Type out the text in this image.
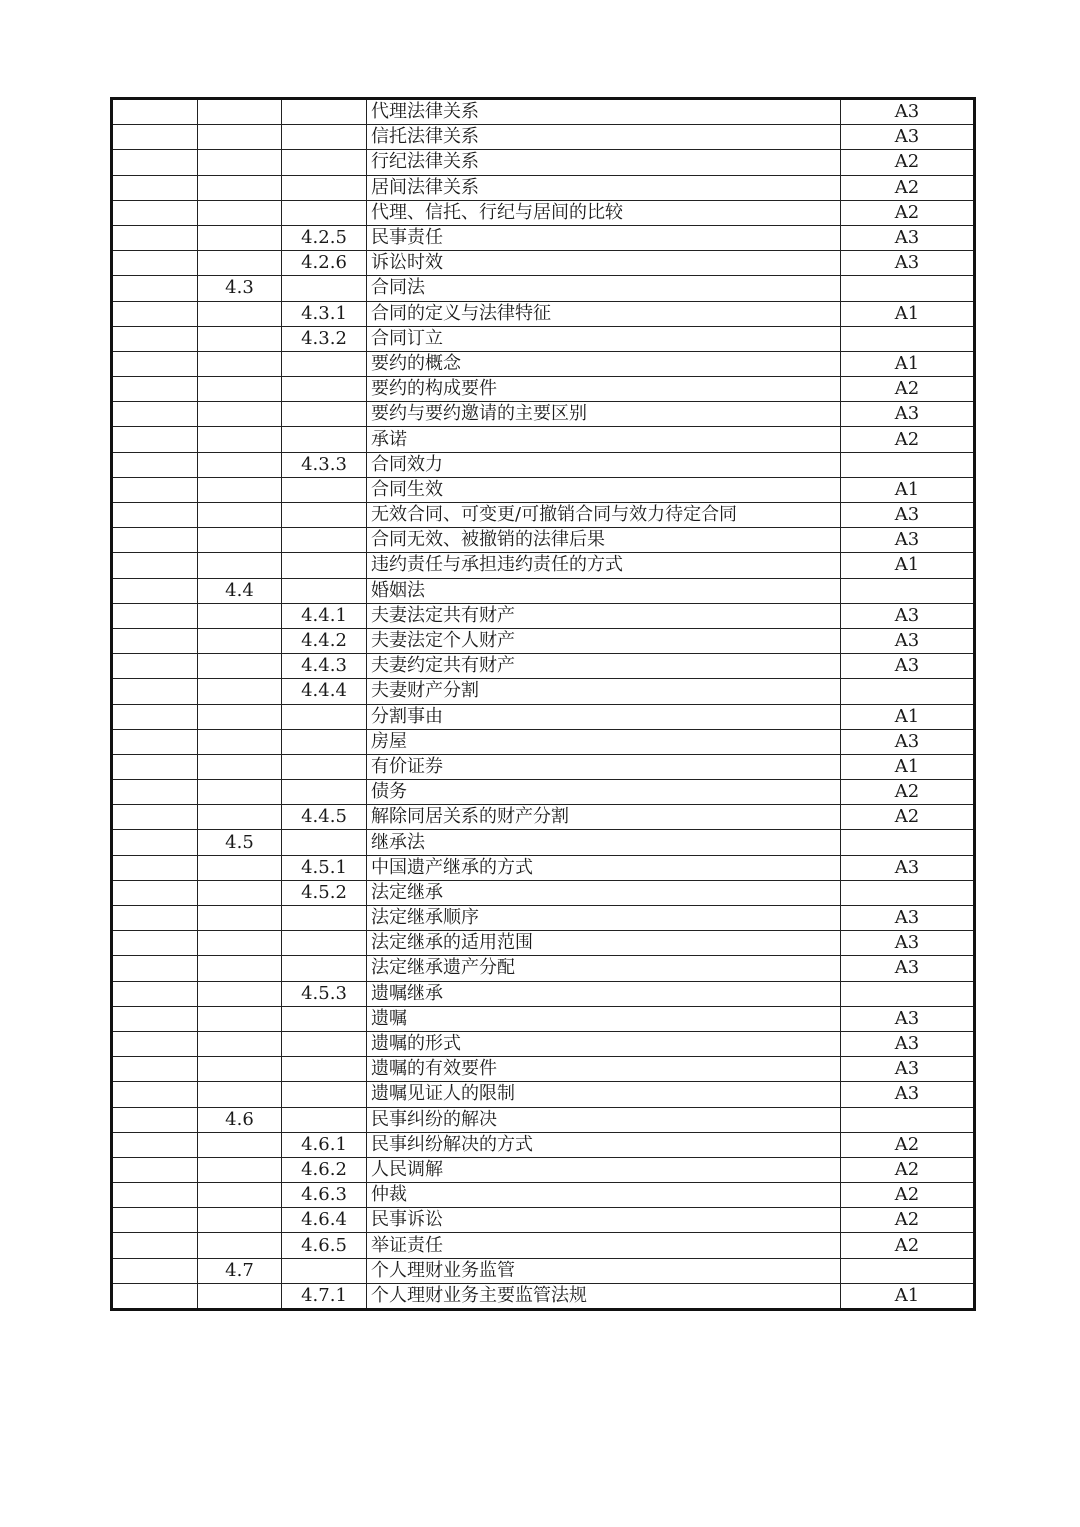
			代理法律关系	A3
			信托法律关系	A3
			行纪法律关系	A2
			居间法律关系	A2
			代理、信托、行纪与居间的比较	A2
		4.2.5	民事责任	A3
		4.2.6	诉讼时效	A3
	4.3		合同法	
		4.3.1	合同的定义与法律特征	A1
		4.3.2	合同订立	
			要约的概念	A1
			要约的构成要件	A2
			要约与要约邀请的主要区别	A3
			承诺	A2
		4.3.3	合同效力	
			合同生效	A1
			无效合同、可变更/可撤销合同与效力待定合同	A3
			合同无效、被撤销的法律后果	A3
			违约责任与承担违约责任的方式	A1
	4.4		婚姻法	
		4.4.1	夫妻法定共有财产	A3
		4.4.2	夫妻法定个人财产	A3
		4.4.3	夫妻约定共有财产	A3
		4.4.4	夫妻财产分割	
			分割事由	A1
			房屋	A3
			有价证券	A1
			债务	A2
		4.4.5	解除同居关系的财产分割	A2
	4.5		继承法	
		4.5.1	中国遗产继承的方式	A3
		4.5.2	法定继承	
			法定继承顺序	A3
			法定继承的适用范围	A3
			法定继承遗产分配	A3
		4.5.3	遗嘱继承	
			遗嘱	A3
			遗嘱的形式	A3
			遗嘱的有效要件	A3
			遗嘱见证人的限制	A3
	4.6		民事纠纷的解决	
		4.6.1	民事纠纷解决的方式	A2
		4.6.2	人民调解	A2
		4.6.3	仲裁	A2
		4.6.4	民事诉讼	A2
		4.6.5	举证责任	A2
	4.7		个人理财业务监管	
		4.7.1	个人理财业务主要监管法规	A1
